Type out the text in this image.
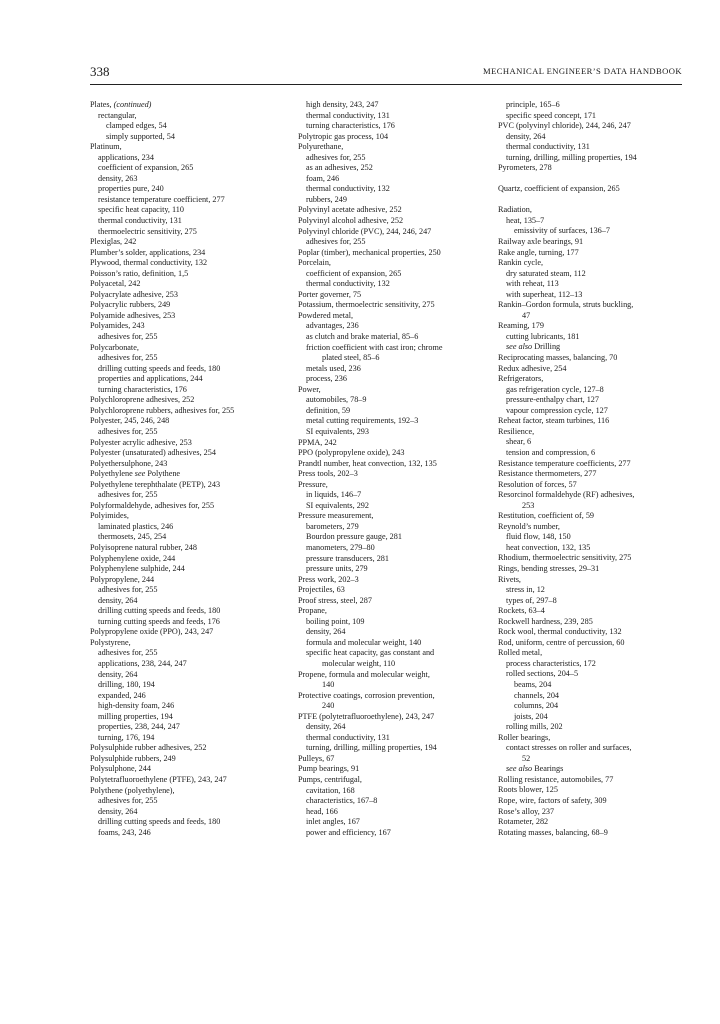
338	MECHANICAL ENGINEER’S DATA HANDBOOK
Plates, (continued)
rectangular,
clamped edges, 54
simply supported, 54
Platinum,
applications, 234
coefficient of expansion, 265
density, 263
properties pure, 240
resistance temperature coefficient, 277
specific heat capacity, 110
thermal conductivity, 131
thermoelectric sensitivity, 275
Plexiglas, 242
Plumber’s solder, applications, 234
Plywood, thermal conductivity, 132
Poisson’s ratio, definition, 1,5
Polyacetal, 242
Polyacrylate adhesive, 253
Polyacrylic rubbers, 249
Polyamide adhesives, 253
Polyamides, 243
adhesives for, 255
Polycarbonate,
adhesives for, 255
drilling cutting speeds and feeds, 180
properties and applications, 244
turning characteristics, 176
Polychloroprene adhesives, 252
Polychloroprene rubbers, adhesives for, 255
Polyester, 245, 246, 248
adhesives for, 255
Polyester acrylic adhesive, 253
Polyester (unsaturated) adhesives, 254
Polyethersulphone, 243
Polyethylene see Polythene
Polyethylene terephthalate (PETP), 243
adhesives for, 255
Polyformaldehyde, adhesives for, 255
Polyimides,
laminated plastics, 246
thermosets, 245, 254
Polyisoprene natural rubber, 248
Polyphenylene oxide, 244
Polyphenylene sulphide, 244
Polypropylene, 244
adhesives for, 255
density, 264
drilling cutting speeds and feeds, 180
turning cutting speeds and feeds, 176
Polypropylene oxide (PPO), 243, 247
Polystyrene,
adhesives for, 255
applications, 238, 244, 247
density, 264
drilling, 180, 194
expanded, 246
high-density foam, 246
milling properties, 194
properties, 238, 244, 247
turning, 176, 194
Polysulphide rubber adhesives, 252
Polysulphide rubbers, 249
Polysulphone, 244
Polytetrafluoroethylene (PTFE), 243, 247
Polythene (polyethylene),
adhesives for, 255
density, 264
drilling cutting speeds and feeds, 180
foams, 243, 246
high density, 243, 247
thermal conductivity, 131
turning characteristics, 176
Polytropic gas process, 104
Polyurethane,
adhesives for, 255
as an adhesives, 252
foam, 246
thermal conductivity, 132
rubbers, 249
Polyvinyl acetate adhesive, 252
Polyvinyl alcohol adhesive, 252
Polyvinyl chloride (PVC), 244, 246, 247
adhesives for, 255
Poplar (timber), mechanical properties, 250
Porcelain,
coefficient of expansion, 265
thermal conductivity, 132
Porter governer, 75
Potassium, thermoelectric sensitivity, 275
Powdered metal,
advantages, 236
as clutch and brake material, 85–6
friction coefficient with cast iron; chrome
plated steel, 85–6
metals used, 236
process, 236
Power,
automobiles, 78–9
definition, 59
metal cutting requirements, 192–3
SI equivalents, 293
PPMA, 242
PPO (polypropylene oxide), 243
Prandtl number, heat convection, 132, 135
Press tools, 202–3
Pressure,
in liquids, 146–7
SI equivalents, 292
Pressure measurement,
barometers, 279
Bourdon pressure gauge, 281
manometers, 279–80
pressure transducers, 281
pressure units, 279
Press work, 202–3
Projectiles, 63
Proof stress, steel, 287
Propane,
boiling point, 109
density, 264
formula and molecular weight, 140
specific heat capacity, gas constant and
molecular weight, 110
Propene, formula and molecular weight,
140
Protective coatings, corrosion prevention,
240
PTFE (polytetrafluoroethylene), 243, 247
density, 264
thermal conductivity, 131
turning, drilling, milling properties, 194
Pulleys, 67
Pump bearings, 91
Pumps, centrifugal,
cavitation, 168
characteristics, 167–8
head, 166
inlet angles, 167
power and efficiency, 167
principle, 165–6
specific speed concept, 171
PVC (polyvinyl chloride), 244, 246, 247
density, 264
thermal conductivity, 131
turning, drilling, milling properties, 194
Pyrometers, 278
Quartz, coefficient of expansion, 265
Radiation,
heat, 135–7
emissivity of surfaces, 136–7
Railway axle bearings, 91
Rake angle, turning, 177
Rankin cycle,
dry saturated steam, 112
with reheat, 113
with superheat, 112–13
Rankin–Gordon formula, struts buckling,
47
Reaming, 179
cutting lubricants, 181
see also Drilling
Reciprocating masses, balancing, 70
Redux adhesive, 254
Refrigerators,
gas refrigeration cycle, 127–8
pressure-enthalpy chart, 127
vapour compression cycle, 127
Reheat factor, steam turbines, 116
Resilience,
shear, 6
tension and compression, 6
Resistance temperature coefficients, 277
Resistance thermometers, 277
Resolution of forces, 57
Resorcinol formaldehyde (RF) adhesives,
253
Restitution, coefficient of, 59
Reynold’s number,
fluid flow, 148, 150
heat convection, 132, 135
Rhodium, thermoelectric sensitivity, 275
Rings, bending stresses, 29–31
Rivets,
stress in, 12
types of, 297–8
Rockets, 63–4
Rockwell hardness, 239, 285
Rock wool, thermal conductivity, 132
Rod, uniform, centre of percussion, 60
Rolled metal,
process characteristics, 172
rolled sections, 204–5
beams, 204
channels, 204
columns, 204
joists, 204
rolling mills, 202
Roller bearings,
contact stresses on roller and surfaces,
52
see also Bearings
Rolling resistance, automobiles, 77
Roots blower, 125
Rope, wire, factors of safety, 309
Rose’s alloy, 237
Rotameter, 282
Rotating masses, balancing, 68–9
